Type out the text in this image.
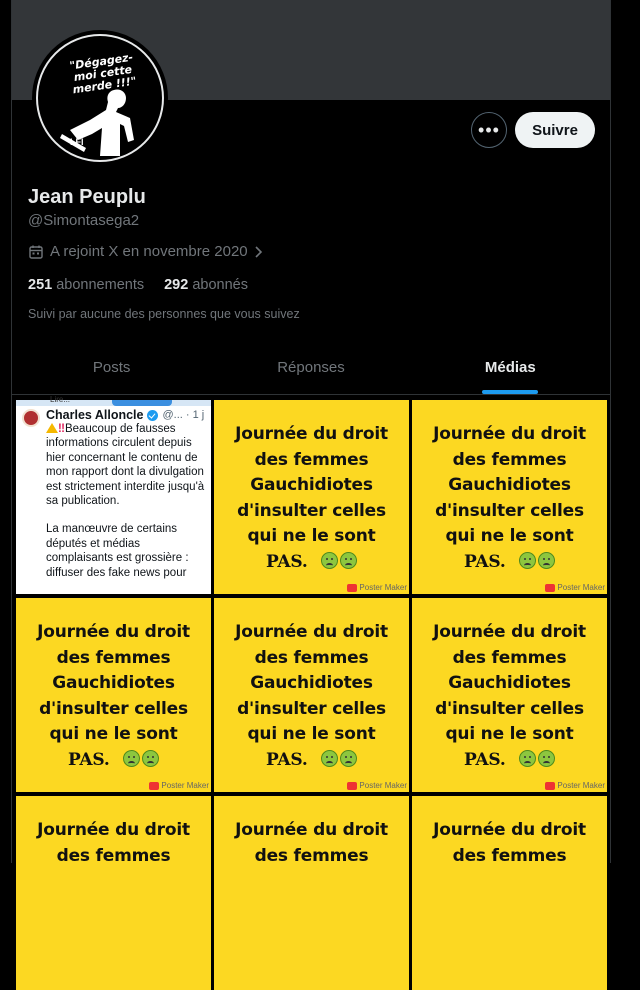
"Dégagez-moi cette merde !!!"
LFI
•••	Suivre
Jean Peuplu
@Simontasega2
A rejoint X en novembre 2020
251 abonnements 292 abonnés
Suivi par aucune des personnes que vous suivez
Posts	Réponses	Médias
Lire...
Charles Alloncle @... · 1 j
‼Beaucoup de fausses informations circulent depuis hier concernant le contenu de mon rapport dont la divulgation est strictement interdite jusqu'à sa publication.
La manœuvre de certains députés et médias complaisants est grossière : diffuser des fake news pour
Journée du droit
des femmes
Gauchidiotes
d'insulter celles
qui ne le sont
PAS.
Poster Maker
Journée du droit
des femmes
Gauchidiotes
d'insulter celles
qui ne le sont
PAS.
Poster Maker
Journée du droit
des femmes
Gauchidiotes
d'insulter celles
qui ne le sont
PAS.
Poster Maker
Journée du droit
des femmes
Gauchidiotes
d'insulter celles
qui ne le sont
PAS.
Poster Maker
Journée du droit
des femmes
Gauchidiotes
d'insulter celles
qui ne le sont
PAS.
Poster Maker
Journée du droit
des femmes
Journée du droit
des femmes
Journée du droit
des femmes
